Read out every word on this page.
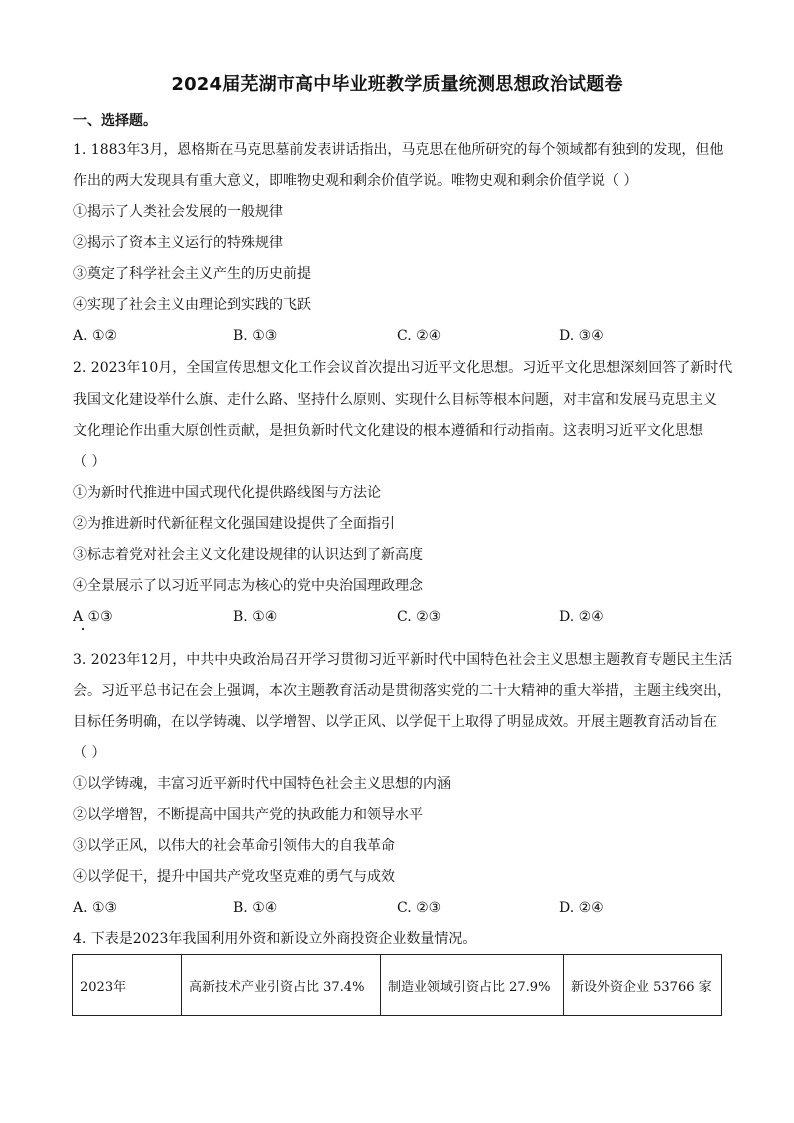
2024届芜湖市高中毕业班教学质量统测思想政治试题卷
一、选择题。
1. 1883年3月，恩格斯在马克思墓前发表讲话指出，马克思在他所研究的每个领域都有独到的发现，但他
作出的两大发现具有重大意义，即唯物史观和剩余价值学说。唯物史观和剩余价值学说（ ）
①揭示了人类社会发展的一般规律
②揭示了资本主义运行的特殊规律
③奠定了科学社会主义产生的历史前提
④实现了社会主义由理论到实践的飞跃
A. ①②	B. ①③	C. ②④	D. ③④
2. 2023年10月，全国宣传思想文化工作会议首次提出习近平文化思想。习近平文化思想深刻回答了新时代
我国文化建设举什么旗、走什么路、坚持什么原则、实现什么目标等根本问题，对丰富和发展马克思主义
文化理论作出重大原创性贡献，是担负新时代文化建设的根本遵循和行动指南。这表明习近平文化思想
（ ）
①为新时代推进中国式现代化提供路线图与方法论
②为推进新时代新征程文化强国建设提供了全面指引
③标志着党对社会主义文化建设规律的认识达到了新高度
④全景展示了以习近平同志为核心的党中央治国理政理念
A ①③	B. ①④	C. ②③	D. ②④
3. 2023年12月，中共中央政治局召开学习贯彻习近平新时代中国特色社会主义思想主题教育专题民主生活
会。习近平总书记在会上强调，本次主题教育活动是贯彻落实党的二十大精神的重大举措，主题主线突出，
目标任务明确，在以学铸魂、以学增智、以学正风、以学促干上取得了明显成效。开展主题教育活动旨在
（ ）
①以学铸魂，丰富习近平新时代中国特色社会主义思想的内涵
②以学增智，不断提高中国共产党的执政能力和领导水平
③以学正风，以伟大的社会革命引领伟大的自我革命
④以学促干，提升中国共产党攻坚克难的勇气与成效
A. ①③	B. ①④	C. ②③	D. ②④
4. 下表是2023年我国利用外资和新设立外商投资企业数量情况。
2023年	高新技术产业引资占比 37.4%	制造业领域引资占比 27.9%	新设外资企业 53766 家
